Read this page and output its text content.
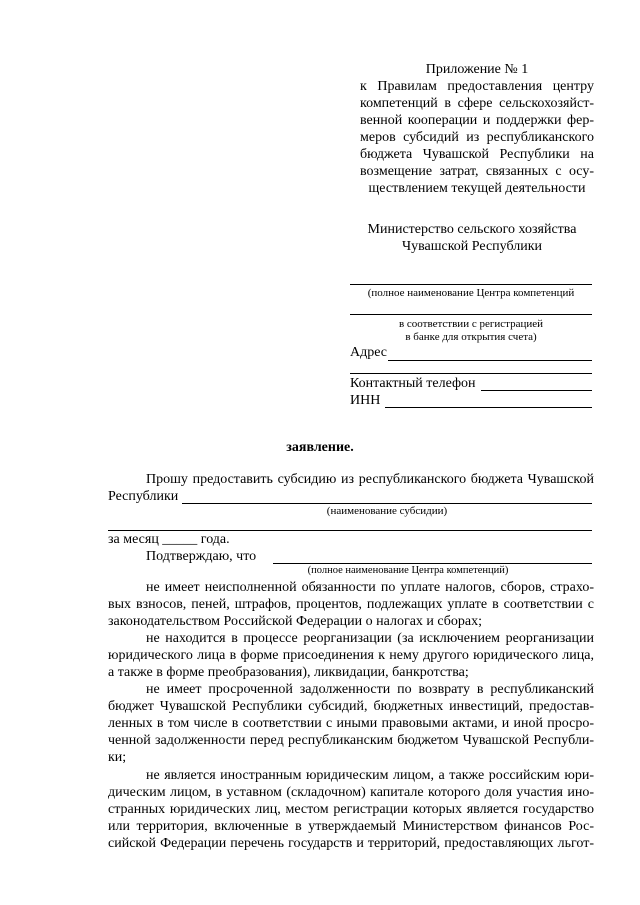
Приложение № 1
к Правилам предоставления центру
компетенций в сфере сельскохозяйст-
венной кооперации и поддержки фер-
меров субсидий из республиканского
бюджета Чувашской Республики на
возмещение затрат, связанных с осу-
ществлением текущей деятельности
Министерство сельского хозяйства
Чувашской Республики
(полное наименование Центра компетенций
в соответствии с регистрацией
в банке для открытия счета)
Адрес
Контактный телефон
ИНН
заявление.
Прошу предоставить субсидию из республиканского бюджета Чувашской
Республики
(наименование субсидии)
за месяц _____ года.
Подтверждаю, что
(полное наименование Центра компетенций)
не имеет неисполненной обязанности по уплате налогов, сборов, страхо-
вых взносов, пеней, штрафов, процентов, подлежащих уплате в соответствии с
законодательством Российской Федерации о налогах и сборах;
не находится в процессе реорганизации (за исключением реорганизации
юридического лица в форме присоединения к нему другого юридического лица,
а также в форме преобразования), ликвидации, банкротства;
не имеет просроченной задолженности по возврату в республиканский
бюджет Чувашской Республики субсидий, бюджетных инвестиций, предостав-
ленных в том числе в соответствии с иными правовыми актами, и иной просро-
ченной задолженности перед республиканским бюджетом Чувашской Республи-
ки;
не является иностранным юридическим лицом, а также российским юри-
дическим лицом, в уставном (складочном) капитале которого доля участия ино-
странных юридических лиц, местом регистрации которых является государство
или территория, включенные в утверждаемый Министерством финансов Рос-
сийской Федерации перечень государств и территорий, предоставляющих льгот-
